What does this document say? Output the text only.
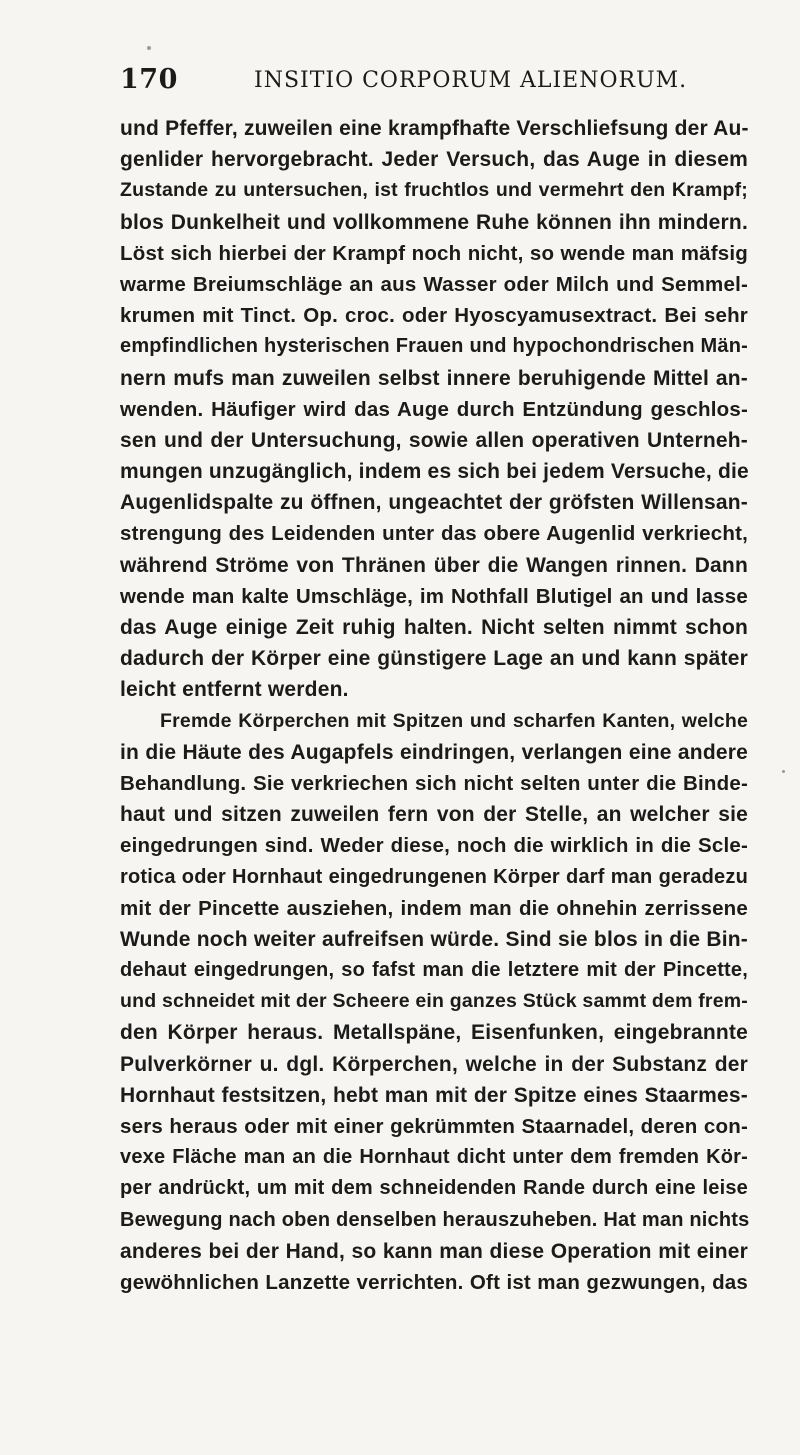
170	INSITIO CORPORUM ALIENORUM.
und Pfeffer, zuweilen eine krampfhafte Verschliefsung der Au-
genlider hervorgebracht. Jeder Versuch, das Auge in diesem
Zustande zu untersuchen, ist fruchtlos und vermehrt den Krampf;
blos Dunkelheit und vollkommene Ruhe können ihn mindern.
Löst sich hierbei der Krampf noch nicht, so wende man mäfsig
warme Breiumschläge an aus Wasser oder Milch und Semmel-
krumen mit Tinct. Op. croc. oder Hyoscyamusextract. Bei sehr
empfindlichen hysterischen Frauen und hypochondrischen Män-
nern mufs man zuweilen selbst innere beruhigende Mittel an-
wenden. Häufiger wird das Auge durch Entzündung geschlos-
sen und der Untersuchung, sowie allen operativen Unterneh-
mungen unzugänglich, indem es sich bei jedem Versuche, die
Augenlidspalte zu öffnen, ungeachtet der gröfsten Willensan-
strengung des Leidenden unter das obere Augenlid verkriecht,
während Ströme von Thränen über die Wangen rinnen. Dann
wende man kalte Umschläge, im Nothfall Blutigel an und lasse
das Auge einige Zeit ruhig halten. Nicht selten nimmt schon
dadurch der Körper eine günstigere Lage an und kann später
leicht entfernt werden.
Fremde Körperchen mit Spitzen und scharfen Kanten, welche
in die Häute des Augapfels eindringen, verlangen eine andere
Behandlung. Sie verkriechen sich nicht selten unter die Binde-
haut und sitzen zuweilen fern von der Stelle, an welcher sie
eingedrungen sind. Weder diese, noch die wirklich in die Scle-
rotica oder Hornhaut eingedrungenen Körper darf man geradezu
mit der Pincette ausziehen, indem man die ohnehin zerrissene
Wunde noch weiter aufreifsen würde. Sind sie blos in die Bin-
dehaut eingedrungen, so fafst man die letztere mit der Pincette,
und schneidet mit der Scheere ein ganzes Stück sammt dem frem-
den Körper heraus. Metallspäne, Eisenfunken, eingebrannte
Pulverkörner u. dgl. Körperchen, welche in der Substanz der
Hornhaut festsitzen, hebt man mit der Spitze eines Staarmes-
sers heraus oder mit einer gekrümmten Staarnadel, deren con-
vexe Fläche man an die Hornhaut dicht unter dem fremden Kör-
per andrückt, um mit dem schneidenden Rande durch eine leise
Bewegung nach oben denselben herauszuheben. Hat man nichts
anderes bei der Hand, so kann man diese Operation mit einer
gewöhnlichen Lanzette verrichten. Oft ist man gezwungen, das
